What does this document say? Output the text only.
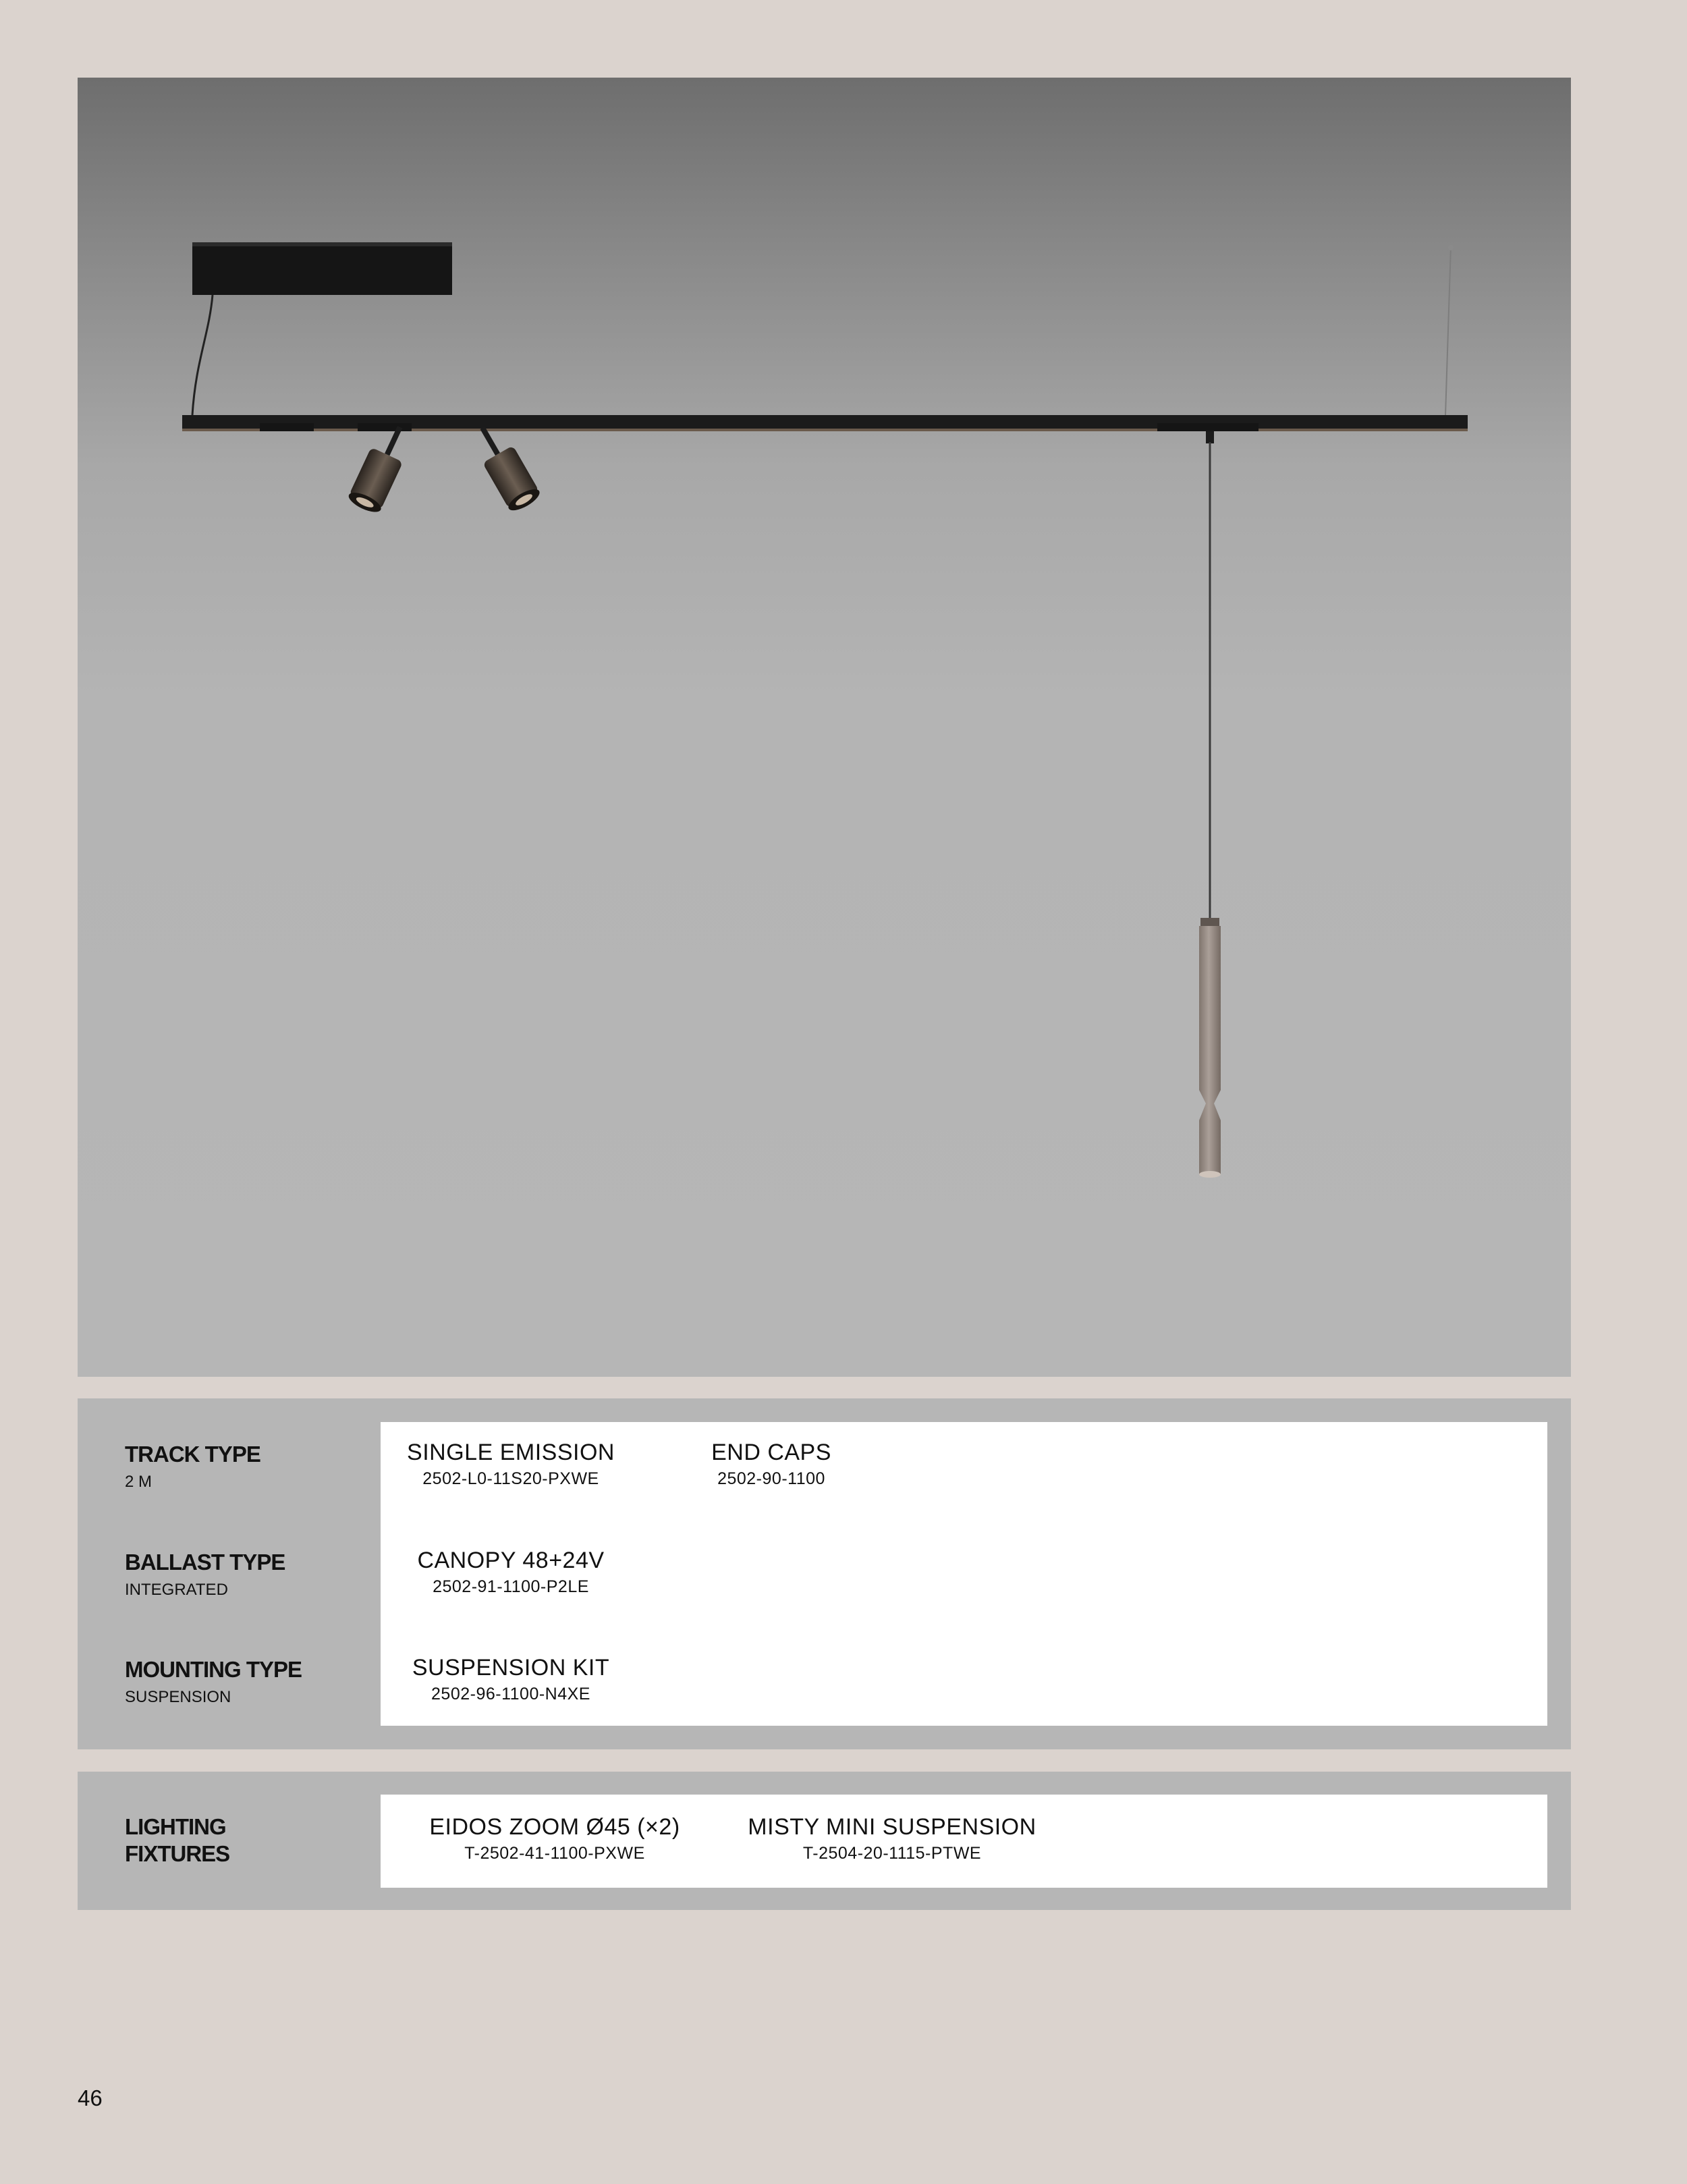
TRACK TYPE
2 M
BALLAST TYPE
INTEGRATED
MOUNTING TYPE
SUSPENSION
SINGLE EMISSION
2502-L0-11S20-PXWE
END CAPS
2502-90-1100
CANOPY 48+24V
2502-91-1100-P2LE
SUSPENSION KIT
2502-96-1100-N4XE
LIGHTING
FIXTURES
EIDOS ZOOM Ø45 (×2)
T-2502-41-1100-PXWE
MISTY MINI SUSPENSION
T-2504-20-1115-PTWE
46
